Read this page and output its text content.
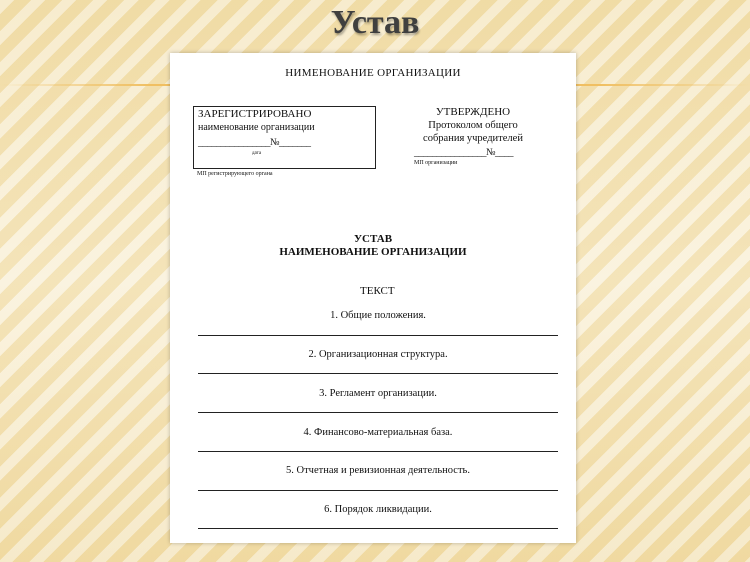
Устав
НИМЕНОВАНИЕ ОРГАНИЗАЦИИ
ЗАРЕГИСТРИРОВАНО
наименование организации
________________№_______
дата
МП регистрирующего органа
УТВЕРЖДЕНО
Протоколом общего
собрания учредителей
________________№____
МП организации
УСТАВ
НАИМЕНОВАНИЕ ОРГАНИЗАЦИИ
ТЕКСТ
1. Общие положения.
2. Организационная структура.
3. Регламент организации.
4. Финансово-материальная база.
5. Отчетная и ревизионная деятельность.
6. Порядок ликвидации.
